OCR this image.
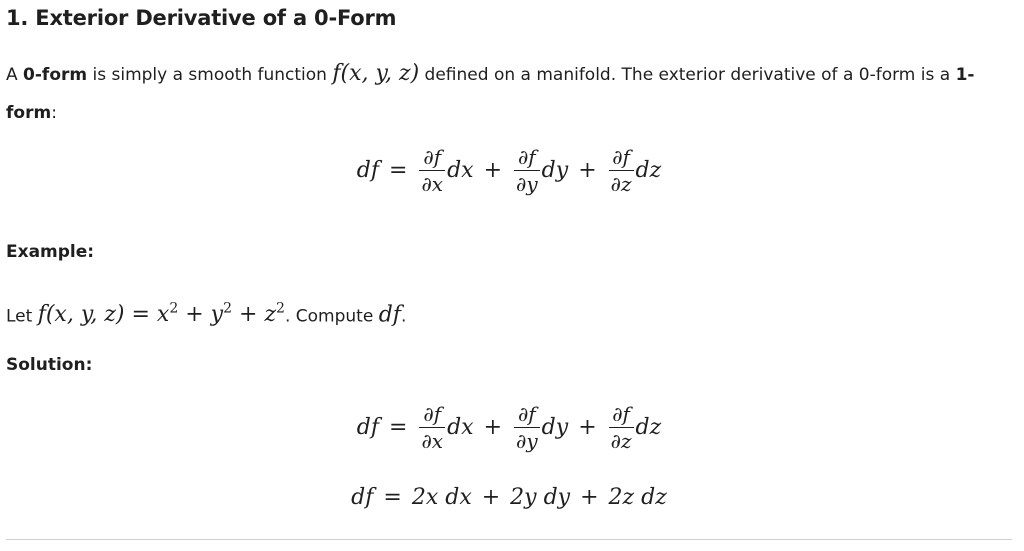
1. Exterior Derivative of a 0-Form

A 0-form is simply a smooth function f(x, y, z) defined on a manifold. The exterior derivative of a 0-form is a 1-form:

df = $\frac{\partial f}{\partial x}$ dx + $\frac{\partial f}{\partial y}$ dy + $\frac{\partial f}{\partial z}$ dz

Example:

Let f(x, y, $z) = x^2 + y^2 + z^2$. Compute df.

Solution:

df = $\frac{\partial f}{\partial x}$ dx + $\frac{\partial f}{\partial y}$ dy + $\frac{\partial f}{\partial z}$ dz
df = 2x dx + 2y dy + 2z dz
